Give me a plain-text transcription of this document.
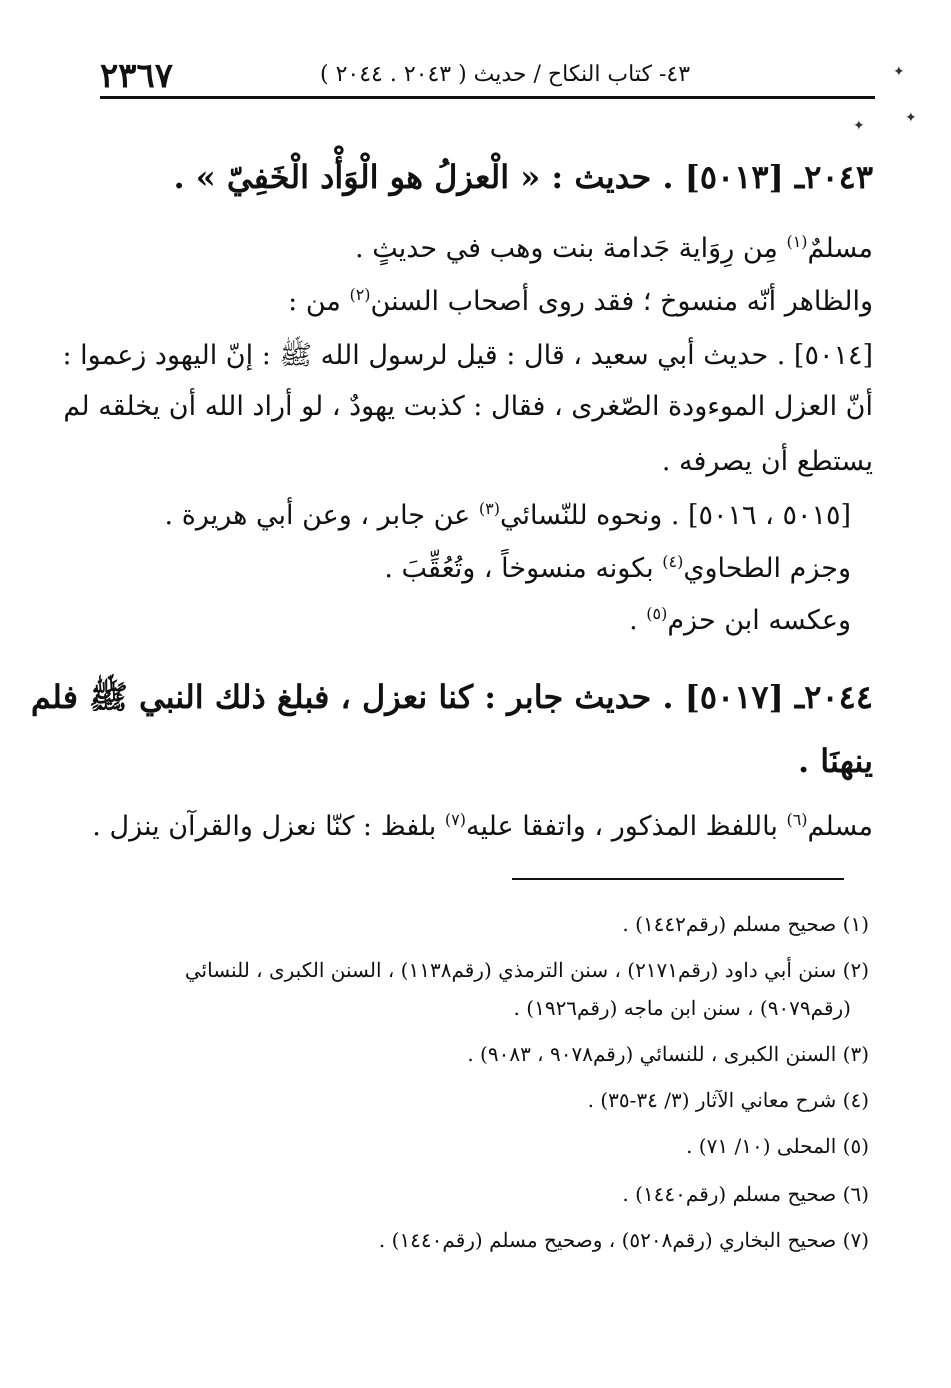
✦
✦
✦
٢٣٦٧	٤٣- كتاب النكاح / حديث ( ٢٠٤٣ . ٢٠٤٤ )
٢٠٤٣ـ [٥٠١٣] . حديث : « الْعزلُ هو الْوَأْد الْخَفِيّ » .
مسلمٌ$^{(١)}$ مِن رِوَاية جَدامة بنت وهب في حديثٍ .
والظاهر أنّه منسوخ ؛ فقد روى أصحاب السنن$^{(٢)}$ من :
[٥٠١٤] . حديث أبي سعيد ، قال : قيل لرسول الله ﷺ : إنّ اليهود زعموا :
أنّ العزل الموءودة الصّغرى ، فقال : كذبت يهودٌ ، لو أراد الله أن يخلقه لم
يستطع أن يصرفه .
[٥٠١٥ ، ٥٠١٦] . ونحوه للنّسائي$^{(٣)}$ عن جابر ، وعن أبي هريرة .
وجزم الطحاوي$^{(٤)}$ بكونه منسوخاً ، وتُعُقِّبَ .
وعكسه ابن حزم$^{(٥)}$ .
٢٠٤٤ـ [٥٠١٧] . حديث جابر : كنا نعزل ، فبلغ ذلك النبي ﷺ فلم
ينهنَا .
مسلم$^{(٦)}$ باللفظ المذكور ، واتفقا عليه$^{(٧)}$ بلفظ : كنّا نعزل والقرآن ينزل .
(١) صحيح مسلم (رقم١٤٤٢) .
(٢) سنن أبي داود (رقم٢١٧١) ، سنن الترمذي (رقم١١٣٨) ، السنن الكبرى ، للنسائي
(رقم٩٠٧٩) ، سنن ابن ماجه (رقم١٩٢٦) .
(٣) السنن الكبرى ، للنسائي (رقم٩٠٧٨ ، ٩٠٨٣) .
(٤) شرح معاني الآثار (٣/ ٣٤-٣٥) .
(٥) المحلى (١٠/ ٧١) .
(٦) صحيح مسلم (رقم١٤٤٠) .
(٧) صحيح البخاري (رقم٥٢٠٨) ، وصحيح مسلم (رقم١٤٤٠) .
